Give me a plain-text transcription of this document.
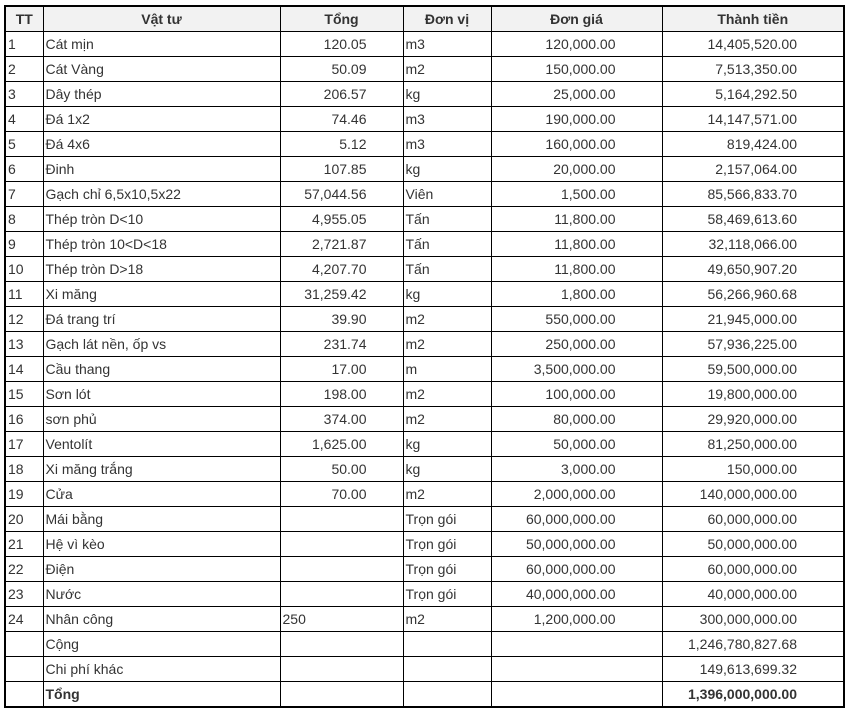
TT	Vật tư	Tổng	Đơn vị	Đơn giá	Thành tiền
1	Cát mịn	120.05	m3	120,000.00	14,405,520.00
2	Cát Vàng	50.09	m2	150,000.00	7,513,350.00
3	Dây thép	206.57	kg	25,000.00	5,164,292.50
4	Đá 1x2	74.46	m3	190,000.00	14,147,571.00
5	Đá 4x6	5.12	m3	160,000.00	819,424.00
6	Đinh	107.85	kg	20,000.00	2,157,064.00
7	Gạch chỉ 6,5x10,5x22	57,044.56	Viên	1,500.00	85,566,833.70
8	Thép tròn D<10	4,955.05	Tấn	11,800.00	58,469,613.60
9	Thép tròn 10<D<18	2,721.87	Tấn	11,800.00	32,118,066.00
10	Thép tròn D>18	4,207.70	Tấn	11,800.00	49,650,907.20
11	Xi măng	31,259.42	kg	1,800.00	56,266,960.68
12	Đá trang trí	39.90	m2	550,000.00	21,945,000.00
13	Gạch lát nền, ốp vs	231.74	m2	250,000.00	57,936,225.00
14	Cầu thang	17.00	m	3,500,000.00	59,500,000.00
15	Sơn lót	198.00	m2	100,000.00	19,800,000.00
16	sơn phủ	374.00	m2	80,000.00	29,920,000.00
17	Ventolít	1,625.00	kg	50,000.00	81,250,000.00
18	Xi măng trắng	50.00	kg	3,000.00	150,000.00
19	Cửa	70.00	m2	2,000,000.00	140,000,000.00
20	Mái bằng		Trọn gói	60,000,000.00	60,000,000.00
21	Hệ vì kèo		Trọn gói	50,000,000.00	50,000,000.00
22	Điện		Trọn gói	60,000,000.00	60,000,000.00
23	Nước		Trọn gói	40,000,000.00	40,000,000.00
24	Nhân công	250	m2	1,200,000.00	300,000,000.00
	Cộng				1,246,780,827.68
	Chi phí khác				149,613,699.32
	Tổng				1,396,000,000.00
